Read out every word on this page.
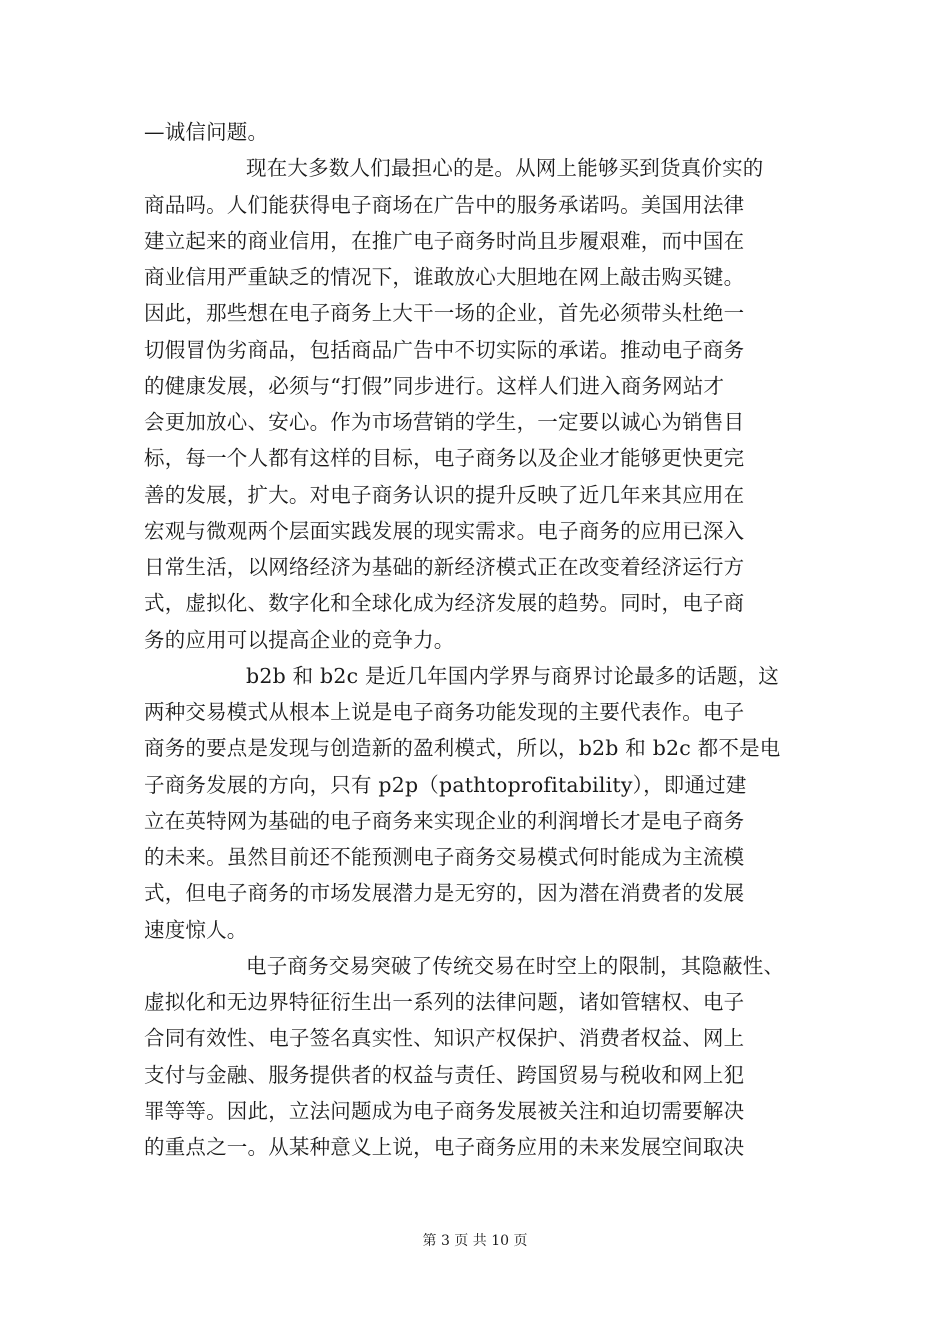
—诚信问题。
现在大多数人们最担心的是。从网上能够买到货真价实的
商品吗。人们能获得电子商场在广告中的服务承诺吗。美国用法律
建立起来的商业信用，在推广电子商务时尚且步履艰难，而中国在
商业信用严重缺乏的情况下，谁敢放心大胆地在网上敲击购买键。
因此，那些想在电子商务上大干一场的企业，首先必须带头杜绝一
切假冒伪劣商品，包括商品广告中不切实际的承诺。推动电子商务
的健康发展，必须与“打假”同步进行。这样人们进入商务网站才
会更加放心、安心。作为市场营销的学生，一定要以诚心为销售目
标，每一个人都有这样的目标，电子商务以及企业才能够更快更完
善的发展，扩大。对电子商务认识的提升反映了近几年来其应用在
宏观与微观两个层面实践发展的现实需求。电子商务的应用已深入
日常生活，以网络经济为基础的新经济模式正在改变着经济运行方
式，虚拟化、数字化和全球化成为经济发展的趋势。同时，电子商
务的应用可以提高企业的竞争力。
b2b 和 b2c 是近几年国内学界与商界讨论最多的话题，这
两种交易模式从根本上说是电子商务功能发现的主要代表作。电子
商务的要点是发现与创造新的盈利模式，所以，b2b 和 b2c 都不是电
子商务发展的方向，只有 p2p（pathtoprofitability），即通过建
立在英特网为基础的电子商务来实现企业的利润增长才是电子商务
的未来。虽然目前还不能预测电子商务交易模式何时能成为主流模
式，但电子商务的市场发展潜力是无穷的，因为潜在消费者的发展
速度惊人。
电子商务交易突破了传统交易在时空上的限制，其隐蔽性、
虚拟化和无边界特征衍生出一系列的法律问题，诸如管辖权、电子
合同有效性、电子签名真实性、知识产权保护、消费者权益、网上
支付与金融、服务提供者的权益与责任、跨国贸易与税收和网上犯
罪等等。因此，立法问题成为电子商务发展被关注和迫切需要解决
的重点之一。从某种意义上说，电子商务应用的未来发展空间取决
第 3 页 共 10 页
